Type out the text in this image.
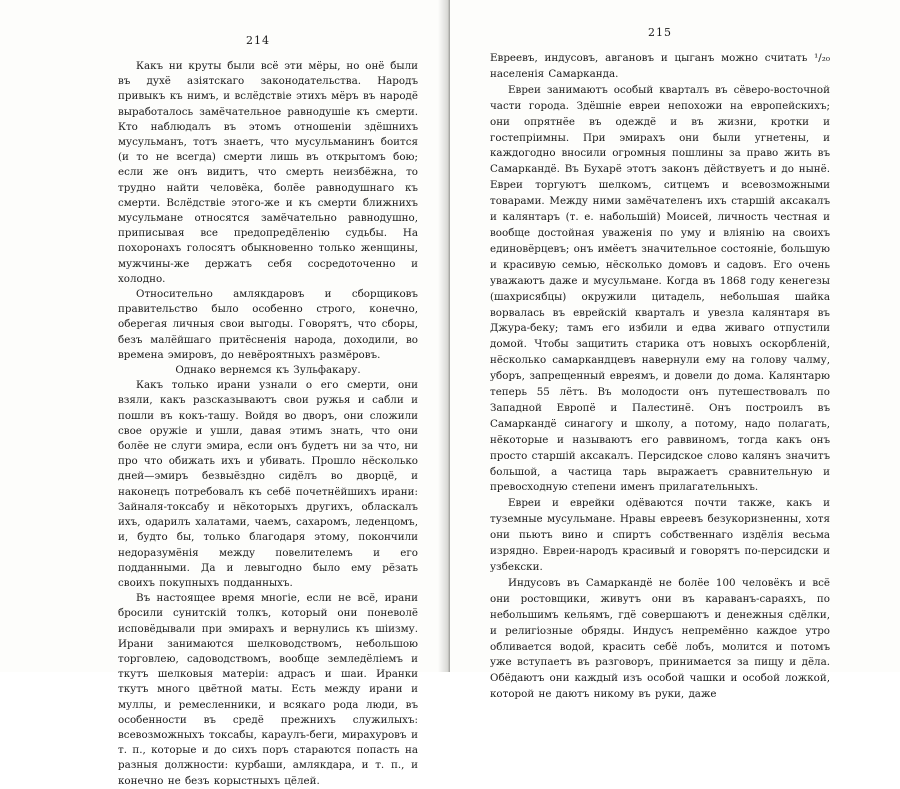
214

Какъ ни круты были всё эти мёры, но онё были въ духё азіятскаго законодательства. Народъ привыкъ къ нимъ, и вслёдствіе этихъ мёръ въ народё выработалось замёчательное равнодушіе къ смерти. Кто наблюдалъ въ этомъ отношеніи здёшнихъ мусульманъ, тотъ знаетъ, что мусульманинъ боится (и то не всегда) смерти лишь въ открытомъ бою; если же онъ видитъ, что смерть неизбёжна, то трудно найти человёка, болёе равнодушнаго къ смерти. Вслёдствіе этого-же и къ смерти ближнихъ мусульмане относятся замёчательно равнодушно, приписывая все предопредёленію судьбы. На похоронахъ голосятъ обыкновенно только женщины, мужчины-же держатъ себя сосредоточенно и холодно.

Относительно амлякдаровъ и сборщиковъ правительство было особенно строго, конечно, оберегая личныя свои выгоды. Говорятъ, что сборы, безъ малёйшаго притёсненія народа, доходили, во времена эмировъ, до невёроятныхъ размёровъ.

Однако вернемся къ Зульфакару.

Какъ только ирани узнали о его смерти, они взяли, какъ разсказываютъ свои ружья и сабли и пошли въ кокъ-ташу. Войдя во дворъ, они сложили свое оружіе и ушли, давая этимъ знать, что они болёе не слуги эмира, если онъ будетъ ни за что, ни про что обижать ихъ и убивать. Прошло нёсколько дней—эмиръ безвыёздно сидёлъ во дворцё, и наконецъ потребовалъ къ себё почетнёйшихъ ирани: Зайналя-токсабу и нёкоторыхъ другихъ, обласкалъ ихъ, одарилъ халатами, чаемъ, сахаромъ, леденцомъ, и, будто бы, только благодаря этому, покончили недоразумёнія между повелителемъ и его подданными. Да и левыгодно было ему рёзать своихъ покупныхъ подданныхъ.

Въ настоящее время многіе, если не всё, ирани бросили сунитскій толкъ, который они поневолё исповёдывали при эмирахъ и вернулись къ шіизму. Ирани занимаются шелководствомъ, небольшою торговлею, садоводствомъ, вообще земледёліемъ и ткутъ шелковыя матеріи: адрасъ и шаи. Иранки ткутъ много цвётной маты. Есть между ирани и муллы, и ремесленники, и всякаго рода люди, въ особенности въ средё прежнихъ служилыхъ: всевозможныхъ токсабы, караулъ-беги, мирахуровъ и т. п., которые и до сихъ поръ стараются попасть на разныя должности: курбаши, амлякдара, и т. п., и конечно не безъ корыстныхъ цёлей.

215

Евреевъ, индусовъ, авгановъ и цыганъ можно считать ¹/₂₀ населенія Самарканда.

Евреи занимаютъ особый кварталъ въ сёверо-восточной части города. Здёшніе евреи непохожи на европейскихъ; они опрятнёе въ одеждё и въ жизни, кротки и гостепріимны. При эмирахъ они были угнетены, и каждогодно вносили огромныя пошлины за право жить въ Самаркандё. Въ Бухарё этотъ законъ дёйствуетъ и до нынё. Евреи торгуютъ шелкомъ, ситцемъ и всевозможными товарами. Между ними замёчателенъ ихъ старшій аксакалъ и калянтаръ (т. е. набольшій) Моисей, личность честная и вообще достойная уваженія по уму и вліянію на своихъ единовёрцевъ; онъ имёетъ значительное состояніе, большую и красивую семью, нёсколько домовъ и садовъ. Его очень уважаютъ даже и мусульмане. Когда въ 1868 году кенегезы (шахрисябцы) окружили цитадель, небольшая шайка ворвалась въ еврейскій кварталъ и увезла калянтаря въ Джура-беку; тамъ его избили и едва живаго отпустили домой. Чтобы защитить старика отъ новыхъ оскорбленій, нёсколько самаркандцевъ навернули ему на голову чалму, уборъ, запрещенный евреямъ, и довели до дома. Калянтарю теперь 55 лётъ. Въ молодости онъ путешествовалъ по Западной Европё и Палестинё. Онъ построилъ въ Самаркандё синагогу и школу, а потому, надо полагать, нёкоторые и называютъ его раввиномъ, тогда какъ онъ просто старшій аксакалъ. Персидское слово калянъ значитъ большой, а частица тарь выражаетъ сравнительную и превосходную степени именъ прилагательныхъ.

Евреи и еврейки одёваются почти также, какъ и туземные мусульмане. Нравы евреевъ безукоризненны, хотя они пьютъ вино и спиртъ собственнаго издёлія весьма изрядно. Евреи-народъ красивый и говорятъ по-персидски и узбекски.

Индусовъ въ Самаркандё не болёе 100 человёкъ и всё они ростовщики, живутъ они въ караванъ-сараяхъ, по небольшимъ кельямъ, гдё совершаютъ и денежныя сдёлки, и религіозные обряды. Индусъ непремённо каждое утро обливается водой, красить себё лобъ, молится и потомъ уже вступаетъ въ разговоръ, принимается за пищу и дёла. Обёдаютъ они каждый изъ особой чашки и особой ложкой, которой не даютъ никому въ руки, даже
